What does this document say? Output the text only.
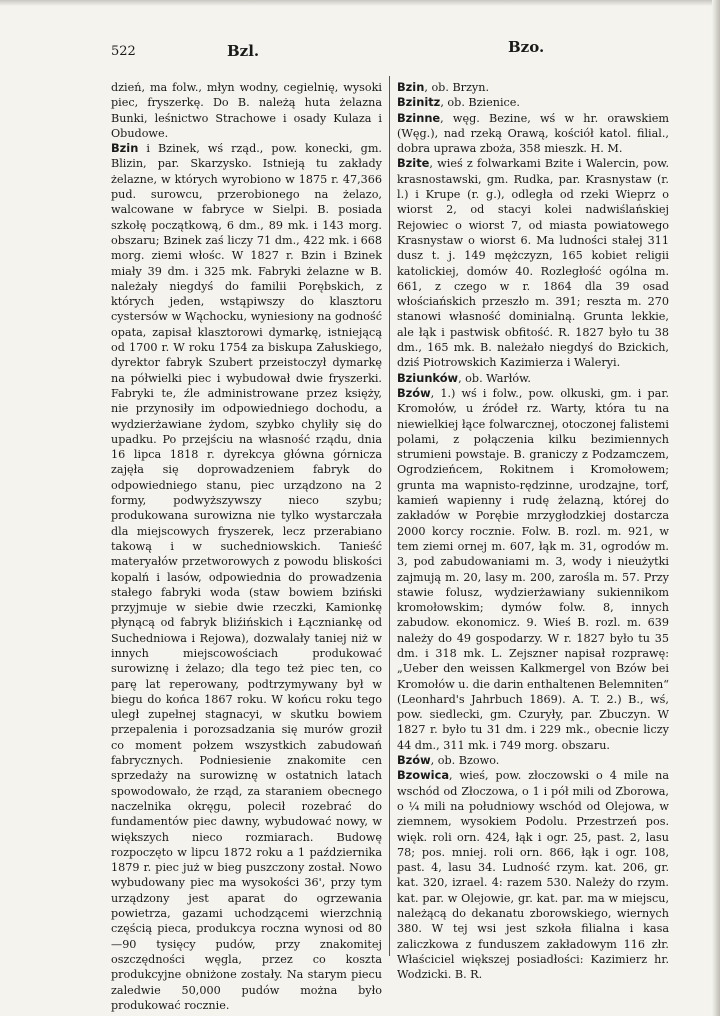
522	Bzl.	Bzo.

dzień, ma folw., młyn wodny, cegielnię, wysoki piec, fryszerkę. Do B. należą huta żelazna Bunki, leśnictwo Strachowe i osady Kulaza i Obudowe.

Bzin i Bzinek, wś rząd., pow. konecki, gm. Blizin, par. Skarzysko. Istnieją tu zakłady żelazne, w których wyrobiono w 1875 r. 47,366 pud. surowcu, przerobionego na żelazo, walcowane w fabryce w Sielpi. B. posiada szkołę początkową, 6 dm., 89 mk. i 143 morg. obszaru; Bzinek zaś liczy 71 dm., 422 mk. i 668 morg. ziemi włośc. W 1827 r. Bzin i Bzinek miały 39 dm. i 325 mk. Fabryki żelazne w B. należały niegdyś do familii Porębskich, z których jeden, wstąpiwszy do klasztoru cystersów w Wąchocku, wyniesiony na godność opata, zapisał klasztorowi dymarkę, istniejącą od 1700 r. W roku 1754 za biskupa Załuskiego, dyrektor fabryk Szubert przeistoczył dymarkę na półwielki piec i wybudował dwie fryszerki. Fabryki te, źle administrowane przez księży, nie przynosiły im odpowiedniego dochodu, a wydzierżawiane żydom, szybko chyliły się do upadku. Po przejściu na własność rządu, dnia 16 lipca 1818 r. dyrekcya główna górnicza zajęła się doprowadzeniem fabryk do odpowiedniego stanu, piec urządzono na 2 formy, podwyższywszy nieco szybu; produkowana surowizna nie tylko wystarczała dla miejscowych fryszerek, lecz przerabiano takową i w suchedniowskich. Tanieść materyałów przetworowych z powodu bliskości kopalń i lasów, odpowiednia do prowadzenia stałego fabryki woda (staw bowiem bziński przyjmuje w siebie dwie rzeczki, Kamionkę płynącą od fabryk bliźińskich i Łączniankę od Suchedniowa i Rejowa), dozwalały taniej niż w innych miejscowościach produkować surowiznę i żelazo; dla tego też piec ten, co parę lat reperowany, podtrzymywany był w biegu do końca 1867 roku. W końcu roku tego uległ zupełnej stagnacyi, w skutku bowiem przepalenia i porozsadzania się murów groził co moment połzem wszystkich zabudowań fabrycznych. Podniesienie znakomite cen sprzedaży na surowiznę w ostatnich latach spowodowało, że rząd, za staraniem obecnego naczelnika okręgu, polecił rozebrać do fundamentów piec dawny, wybudować nowy, w większych nieco rozmiarach. Budowę rozpoczęto w lipcu 1872 roku a 1 października 1879 r. piec już w bieg puszczony został. Nowo wybudowany piec ma wysokości 36', przy tym urządzony jest aparat do ogrzewania powietrza, gazami uchodzącemi wierzchnią częścią pieca, produkcya roczna wynosi od 80—90 tysięcy pudów, przy znakomitej oszczędności węgla, przez co koszta produkcyjne obniżone zostały. Na starym piecu zaledwie 50,000 pudów można było produkować rocznie.

Bzin, ob. Brzyn.

Bzinitz, ob. Bzienice.

Bzinne, węg. Bezine, wś w hr. orawskiem (Węg.), nad rzeką Orawą, kościół katol. filial., dobra uprawa zboża, 358 mieszk. H. M.

Bzite, wieś z folwarkami Bzite i Walercin, pow. krasnostawski, gm. Rudka, par. Krasnystaw (r. l.) i Krupe (r. g.), odległa od rzeki Wieprz o wiorst 2, od stacyi kolei nadwiślańskiej Rejowiec o wiorst 7, od miasta powiatowego Krasnystaw o wiorst 6. Ma ludności stałej 311 dusz t. j. 149 mężczyzn, 165 kobiet religii katolickiej, domów 40. Rozległość ogólna m. 661, z czego w r. 1864 dla 39 osad włościańskich przeszło m. 391; reszta m. 270 stanowi własność dominialną. Grunta lekkie, ale łąk i pastwisk obfitość. R. 1827 było tu 38 dm., 165 mk. B. należało niegdyś do Bzickich, dziś Piotrowskich Kazimierza i Waleryi.

Bziunków, ob. Warłów.

Bzów, 1.) wś i folw., pow. olkuski, gm. i par. Kromołów, u źródeł rz. Warty, która tu na niewielkiej łące folwarcznej, otoczonej falistemi polami, z połączenia kilku bezimiennych strumieni powstaje. B. graniczy z Podzamczem, Ogrodzieńcem, Rokitnem i Kromołowem; grunta ma wapnisto-rędzinne, urodzajne, torf, kamień wapienny i rudę żelazną, której do zakładów w Porębie mrzygłodzkiej dostarcza 2000 korcy rocznie. Folw. B. rozl. m. 921, w tem ziemi ornej m. 607, łąk m. 31, ogrodów m. 3, pod zabudowaniami m. 3, wody i nieużytki zajmują m. 20, lasy m. 200, zarośla m. 57. Przy stawie folusz, wydzierżawiany sukiennikom kromołowskim; dymów folw. 8, innych zabudow. ekonomicz. 9. Wieś B. rozl. m. 639 należy do 49 gospodarzy. W r. 1827 było tu 35 dm. i 318 mk. L. Zejszner napisał rozprawę: „Ueber den weissen Kalkmergel von Bzów bei Kromołów u. die darin enthaltenen Belemniten“ (Leonhard's Jahrbuch 1869). A. T. 2.) B., wś, pow. siedlecki, gm. Czuryły, par. Zbuczyn. W 1827 r. było tu 31 dm. i 229 mk., obecnie liczy 44 dm., 311 mk. i 749 morg. obszaru.

Bzów, ob. Bzowo.

Bzowica, wieś, pow. złoczowski o 4 mile na wschód od Złoczowa, o 1 i pół mili od Zborowa, o ¼ mili na południowy wschód od Olejowa, w ziemnem, wysokiem Podolu. Przestrzeń pos. więk. roli orn. 424, łąk i ogr. 25, past. 2, lasu 78; pos. mniej. roli orn. 866, łąk i ogr. 108, past. 4, lasu 34. Ludność rzym. kat. 206, gr. kat. 320, izrael. 4: razem 530. Należy do rzym. kat. par. w Olejowie, gr. kat. par. ma w miejscu, należącą do dekanatu zborowskiego, wiernych 380. W tej wsi jest szkoła filialna i kasa zaliczkowa z funduszem zakładowym 116 złr. Właściciel większej posiadłości: Kazimierz hr. Wodzicki. B. R.
